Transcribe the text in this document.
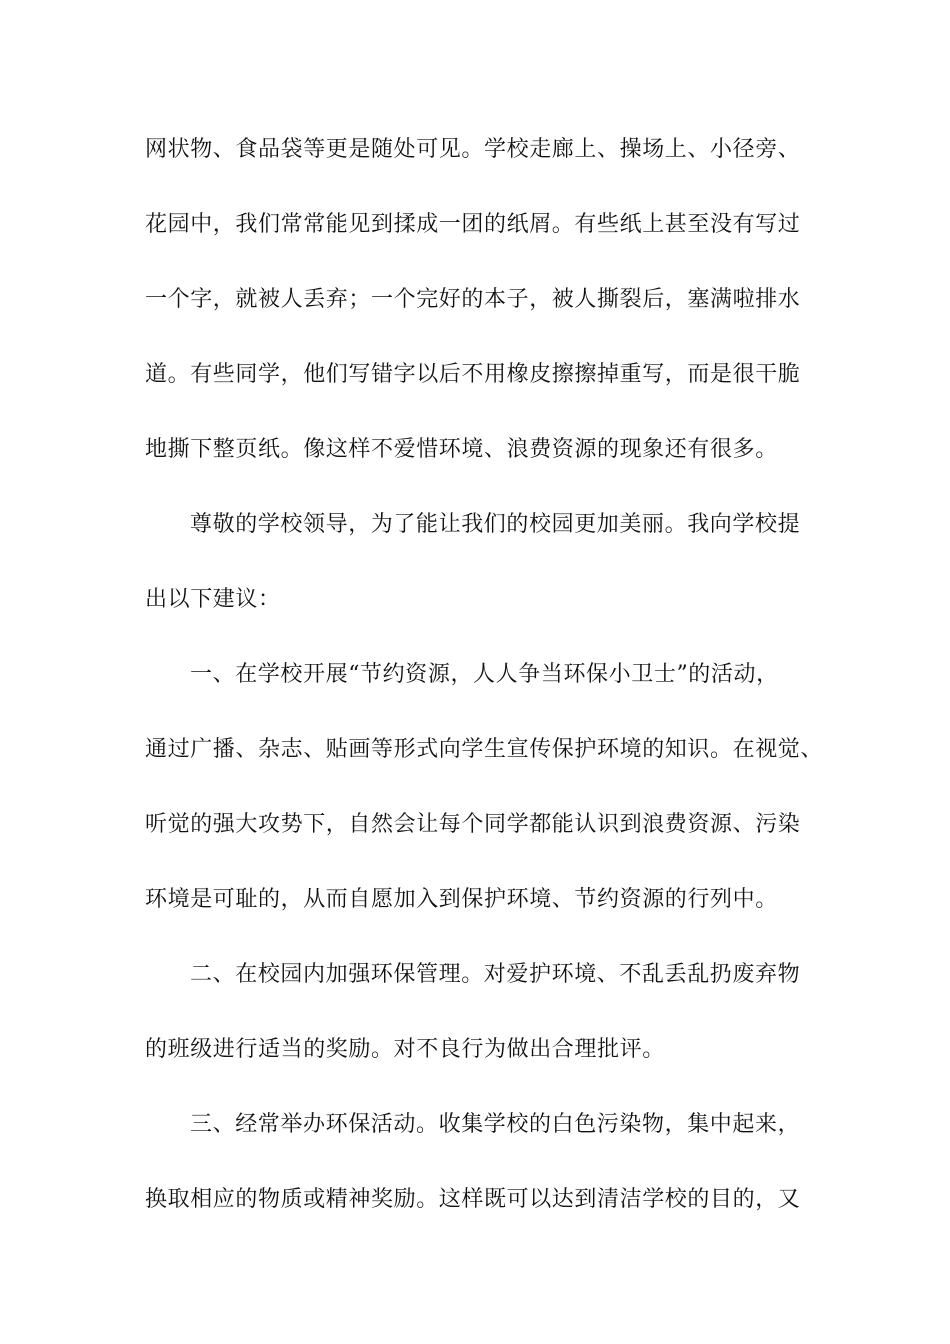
网状物、食品袋等更是随处可见。学校走廊上、操场上、小径旁、
花园中，我们常常能见到揉成一团的纸屑。有些纸上甚至没有写过
一个字，就被人丢弃；一个完好的本子，被人撕裂后，塞满啦排水
道。有些同学，他们写错字以后不用橡皮擦擦掉重写，而是很干脆
地撕下整页纸。像这样不爱惜环境、浪费资源的现象还有很多。
尊敬的学校领导，为了能让我们的校园更加美丽。我向学校提
出以下建议：
一、在学校开展“节约资源，人人争当环保小卫士”的活动，
通过广播、杂志、贴画等形式向学生宣传保护环境的知识。在视觉、
听觉的强大攻势下，自然会让每个同学都能认识到浪费资源、污染
环境是可耻的，从而自愿加入到保护环境、节约资源的行列中。
二、在校园内加强环保管理。对爱护环境、不乱丢乱扔废弃物
的班级进行适当的奖励。对不良行为做出合理批评。
三、经常举办环保活动。收集学校的白色污染物，集中起来，
换取相应的物质或精神奖励。这样既可以达到清洁学校的目的，又
